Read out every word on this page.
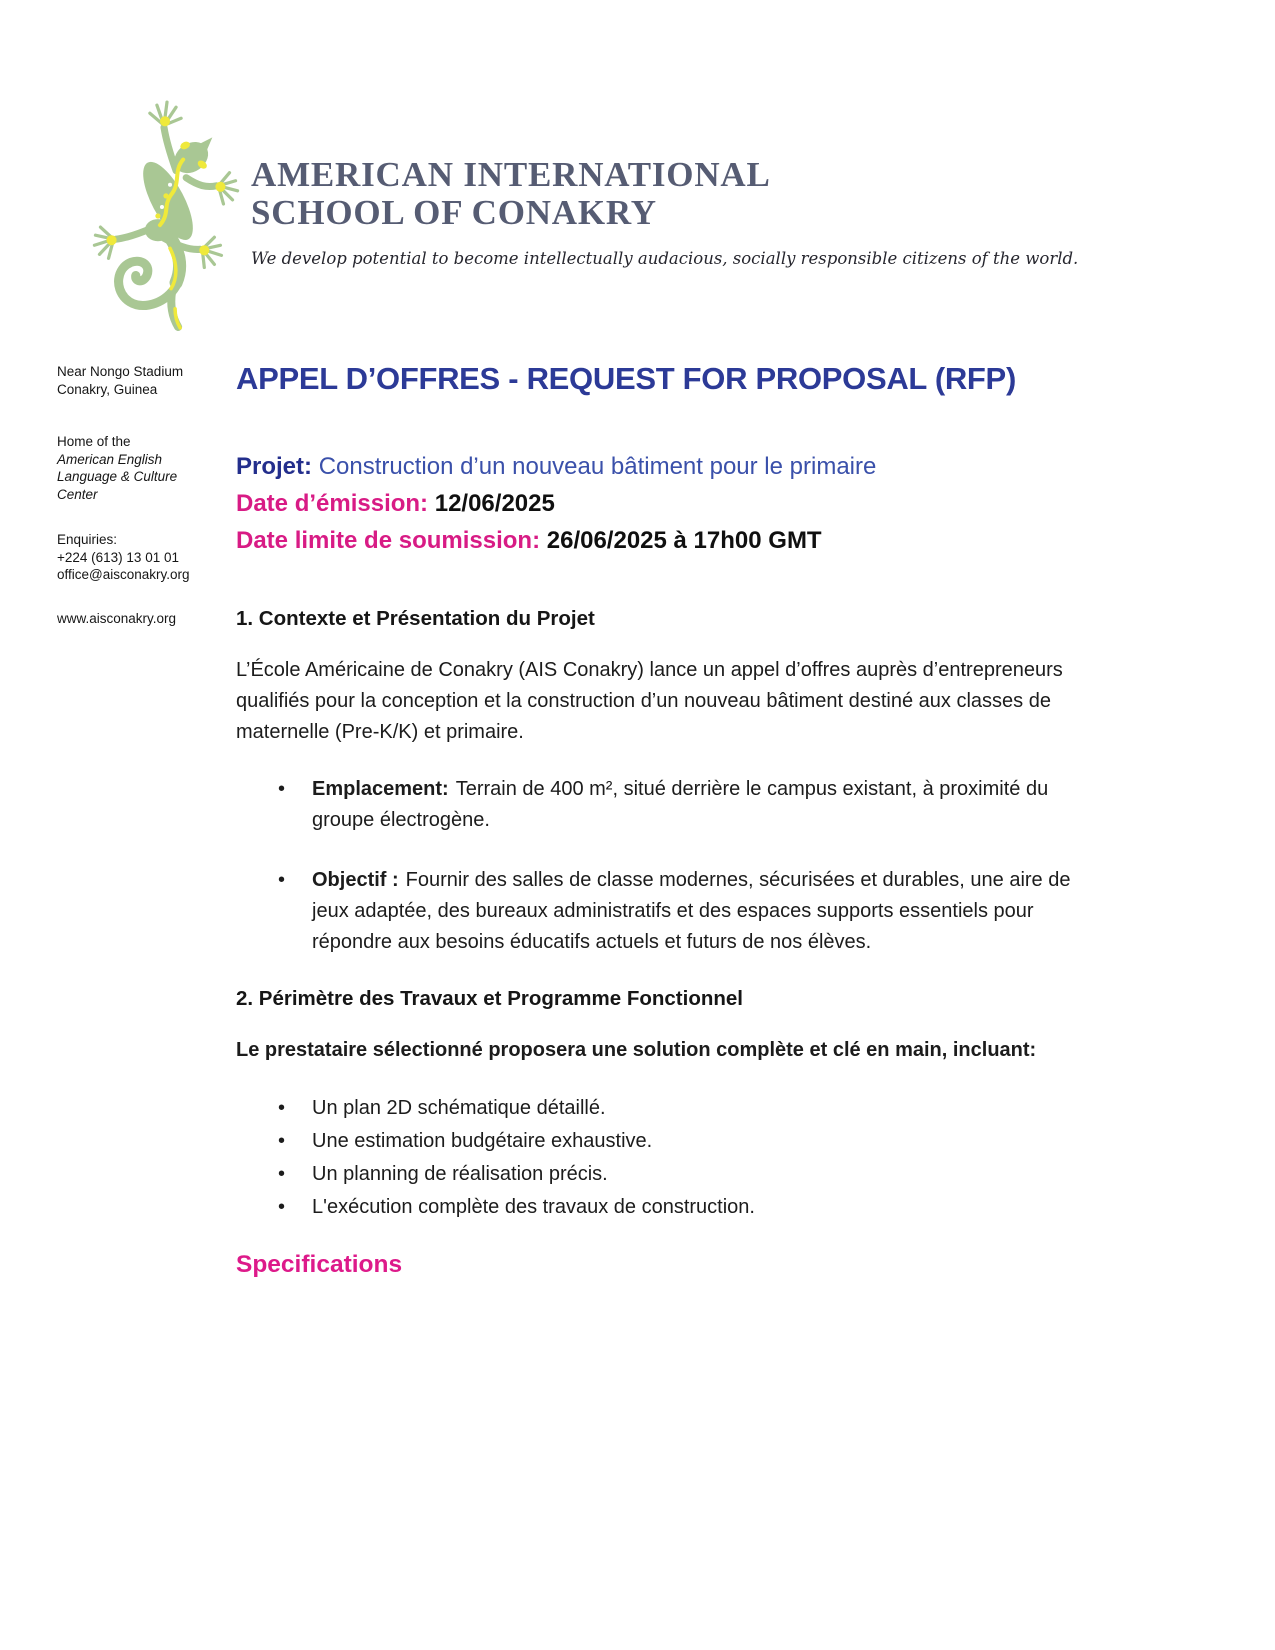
AMERICAN INTERNATIONAL
SCHOOL OF CONAKRY
We develop potential to become intellectually audacious, socially responsible citizens of the world.
Near Nongo Stadium
Conakry, Guinea
Home of the
American English Language & Culture Center
Enquiries:
+224 (613) 13 01 01
office@aisconakry.org
www.aisconakry.org
APPEL D’OFFRES - REQUEST FOR PROPOSAL (RFP)
Projet: Construction d’un nouveau bâtiment pour le primaire
Date d’émission: 12/06/2025
Date limite de soumission: 26/06/2025 à 17h00 GMT
1. Contexte et Présentation du Projet

L’École Américaine de Conakry (AIS Conakry) lance un appel d’offres auprès d’entrepreneurs qualifiés pour la conception et la construction d’un nouveau bâtiment destiné aux classes de maternelle (Pre-K/K) et primaire.

•	Emplacement: Terrain de 400 m², situé derrière le campus existant, à proximité du groupe électrogène.
•	Objectif : Fournir des salles de classe modernes, sécurisées et durables, une aire de jeux adaptée, des bureaux administratifs et des espaces supports essentiels pour répondre aux besoins éducatifs actuels et futurs de nos élèves.
2. Périmètre des Travaux et Programme Fonctionnel

Le prestataire sélectionné proposera une solution complète et clé en main, incluant:

•	Un plan 2D schématique détaillé.
•	Une estimation budgétaire exhaustive.
•	Un planning de réalisation précis.
•	L'exécution complète des travaux de construction.
Specifications
